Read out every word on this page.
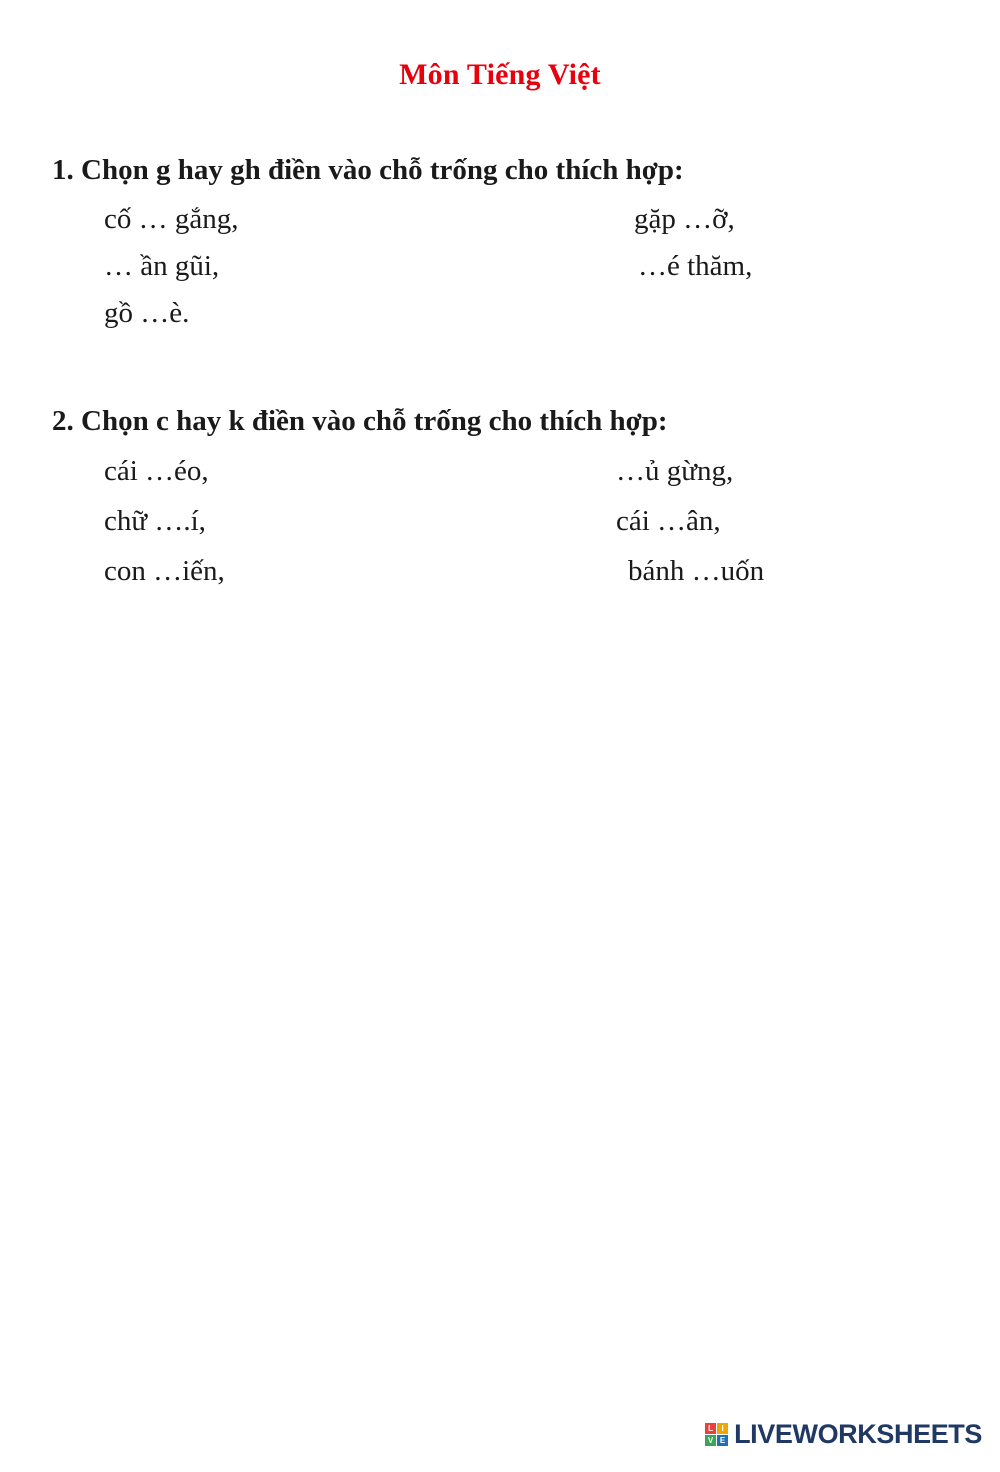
Môn Tiếng Việt
1. Chọn g hay gh điền vào chỗ trống cho thích hợp:
cố … gắng,	gặp …ỡ,
… ần gũi,	…é thăm,
gồ …è.
2. Chọn c hay k điền vào chỗ trống cho thích hợp:
cái …éo,	…ủ gừng,
chữ ….í,	cái …ân,
con …iến,	bánh …uốn
L	I
V E LIVEWORKSHEETS
